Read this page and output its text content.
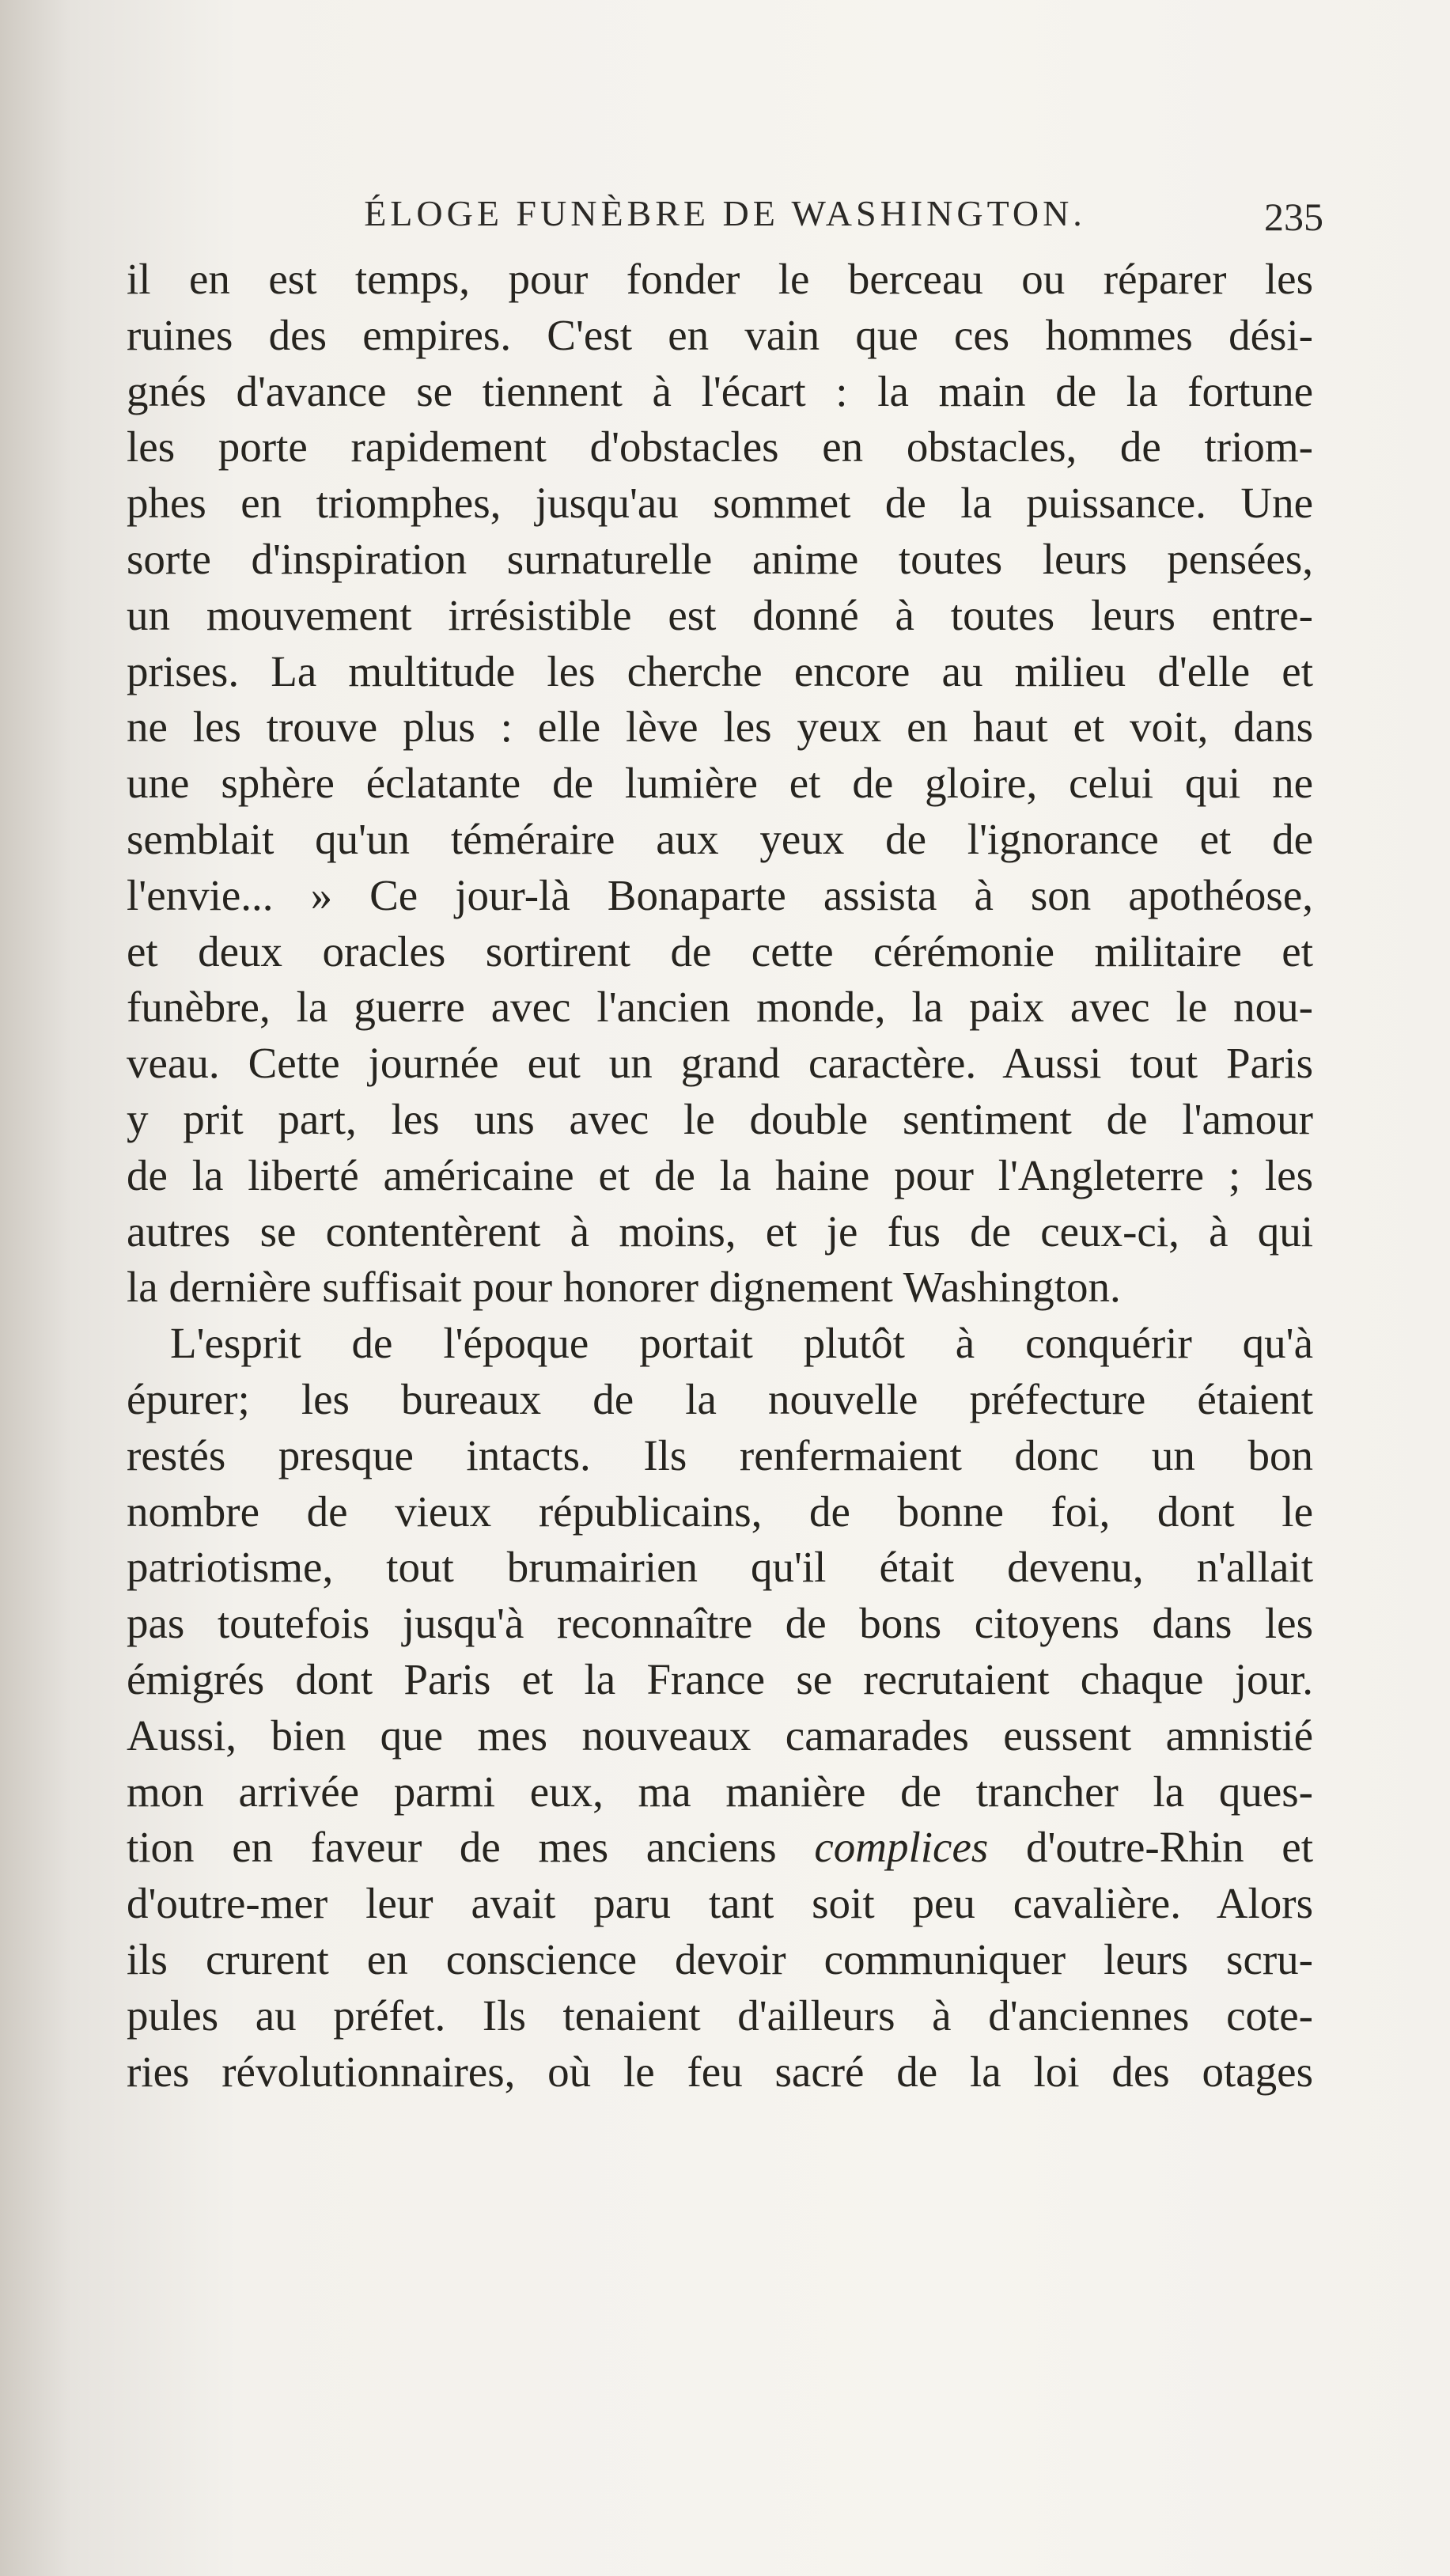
ÉLOGE FUNÈBRE DE WASHINGTON.	235
il en est temps, pour fonder le berceau ou réparer les
ruines des empires. C'est en vain que ces hommes dési-
gnés d'avance se tiennent à l'écart : la main de la fortune
les porte rapidement d'obstacles en obstacles, de triom-
phes en triomphes, jusqu'au sommet de la puissance. Une
sorte d'inspiration surnaturelle anime toutes leurs pensées,
un mouvement irrésistible est donné à toutes leurs entre-
prises. La multitude les cherche encore au milieu d'elle et
ne les trouve plus : elle lève les yeux en haut et voit, dans
une sphère éclatante de lumière et de gloire, celui qui ne
semblait qu'un téméraire aux yeux de l'ignorance et de
l'envie... » Ce jour-là Bonaparte assista à son apothéose,
et deux oracles sortirent de cette cérémonie militaire et
funèbre, la guerre avec l'ancien monde, la paix avec le nou-
veau. Cette journée eut un grand caractère. Aussi tout Paris
y prit part, les uns avec le double sentiment de l'amour
de la liberté américaine et de la haine pour l'Angleterre ; les
autres se contentèrent à moins, et je fus de ceux-ci, à qui
la dernière suffisait pour honorer dignement Washington.
L'esprit de l'époque portait plutôt à conquérir qu'à
épurer; les bureaux de la nouvelle préfecture étaient
restés presque intacts. Ils renfermaient donc un bon
nombre de vieux républicains, de bonne foi, dont le
patriotisme, tout brumairien qu'il était devenu, n'allait
pas toutefois jusqu'à reconnaître de bons citoyens dans les
émigrés dont Paris et la France se recrutaient chaque jour.
Aussi, bien que mes nouveaux camarades eussent amnistié
mon arrivée parmi eux, ma manière de trancher la ques-
tion en faveur de mes anciens complices d'outre-Rhin et
d'outre-mer leur avait paru tant soit peu cavalière. Alors
ils crurent en conscience devoir communiquer leurs scru-
pules au préfet. Ils tenaient d'ailleurs à d'anciennes cote-
ries révolutionnaires, où le feu sacré de la loi des otages
